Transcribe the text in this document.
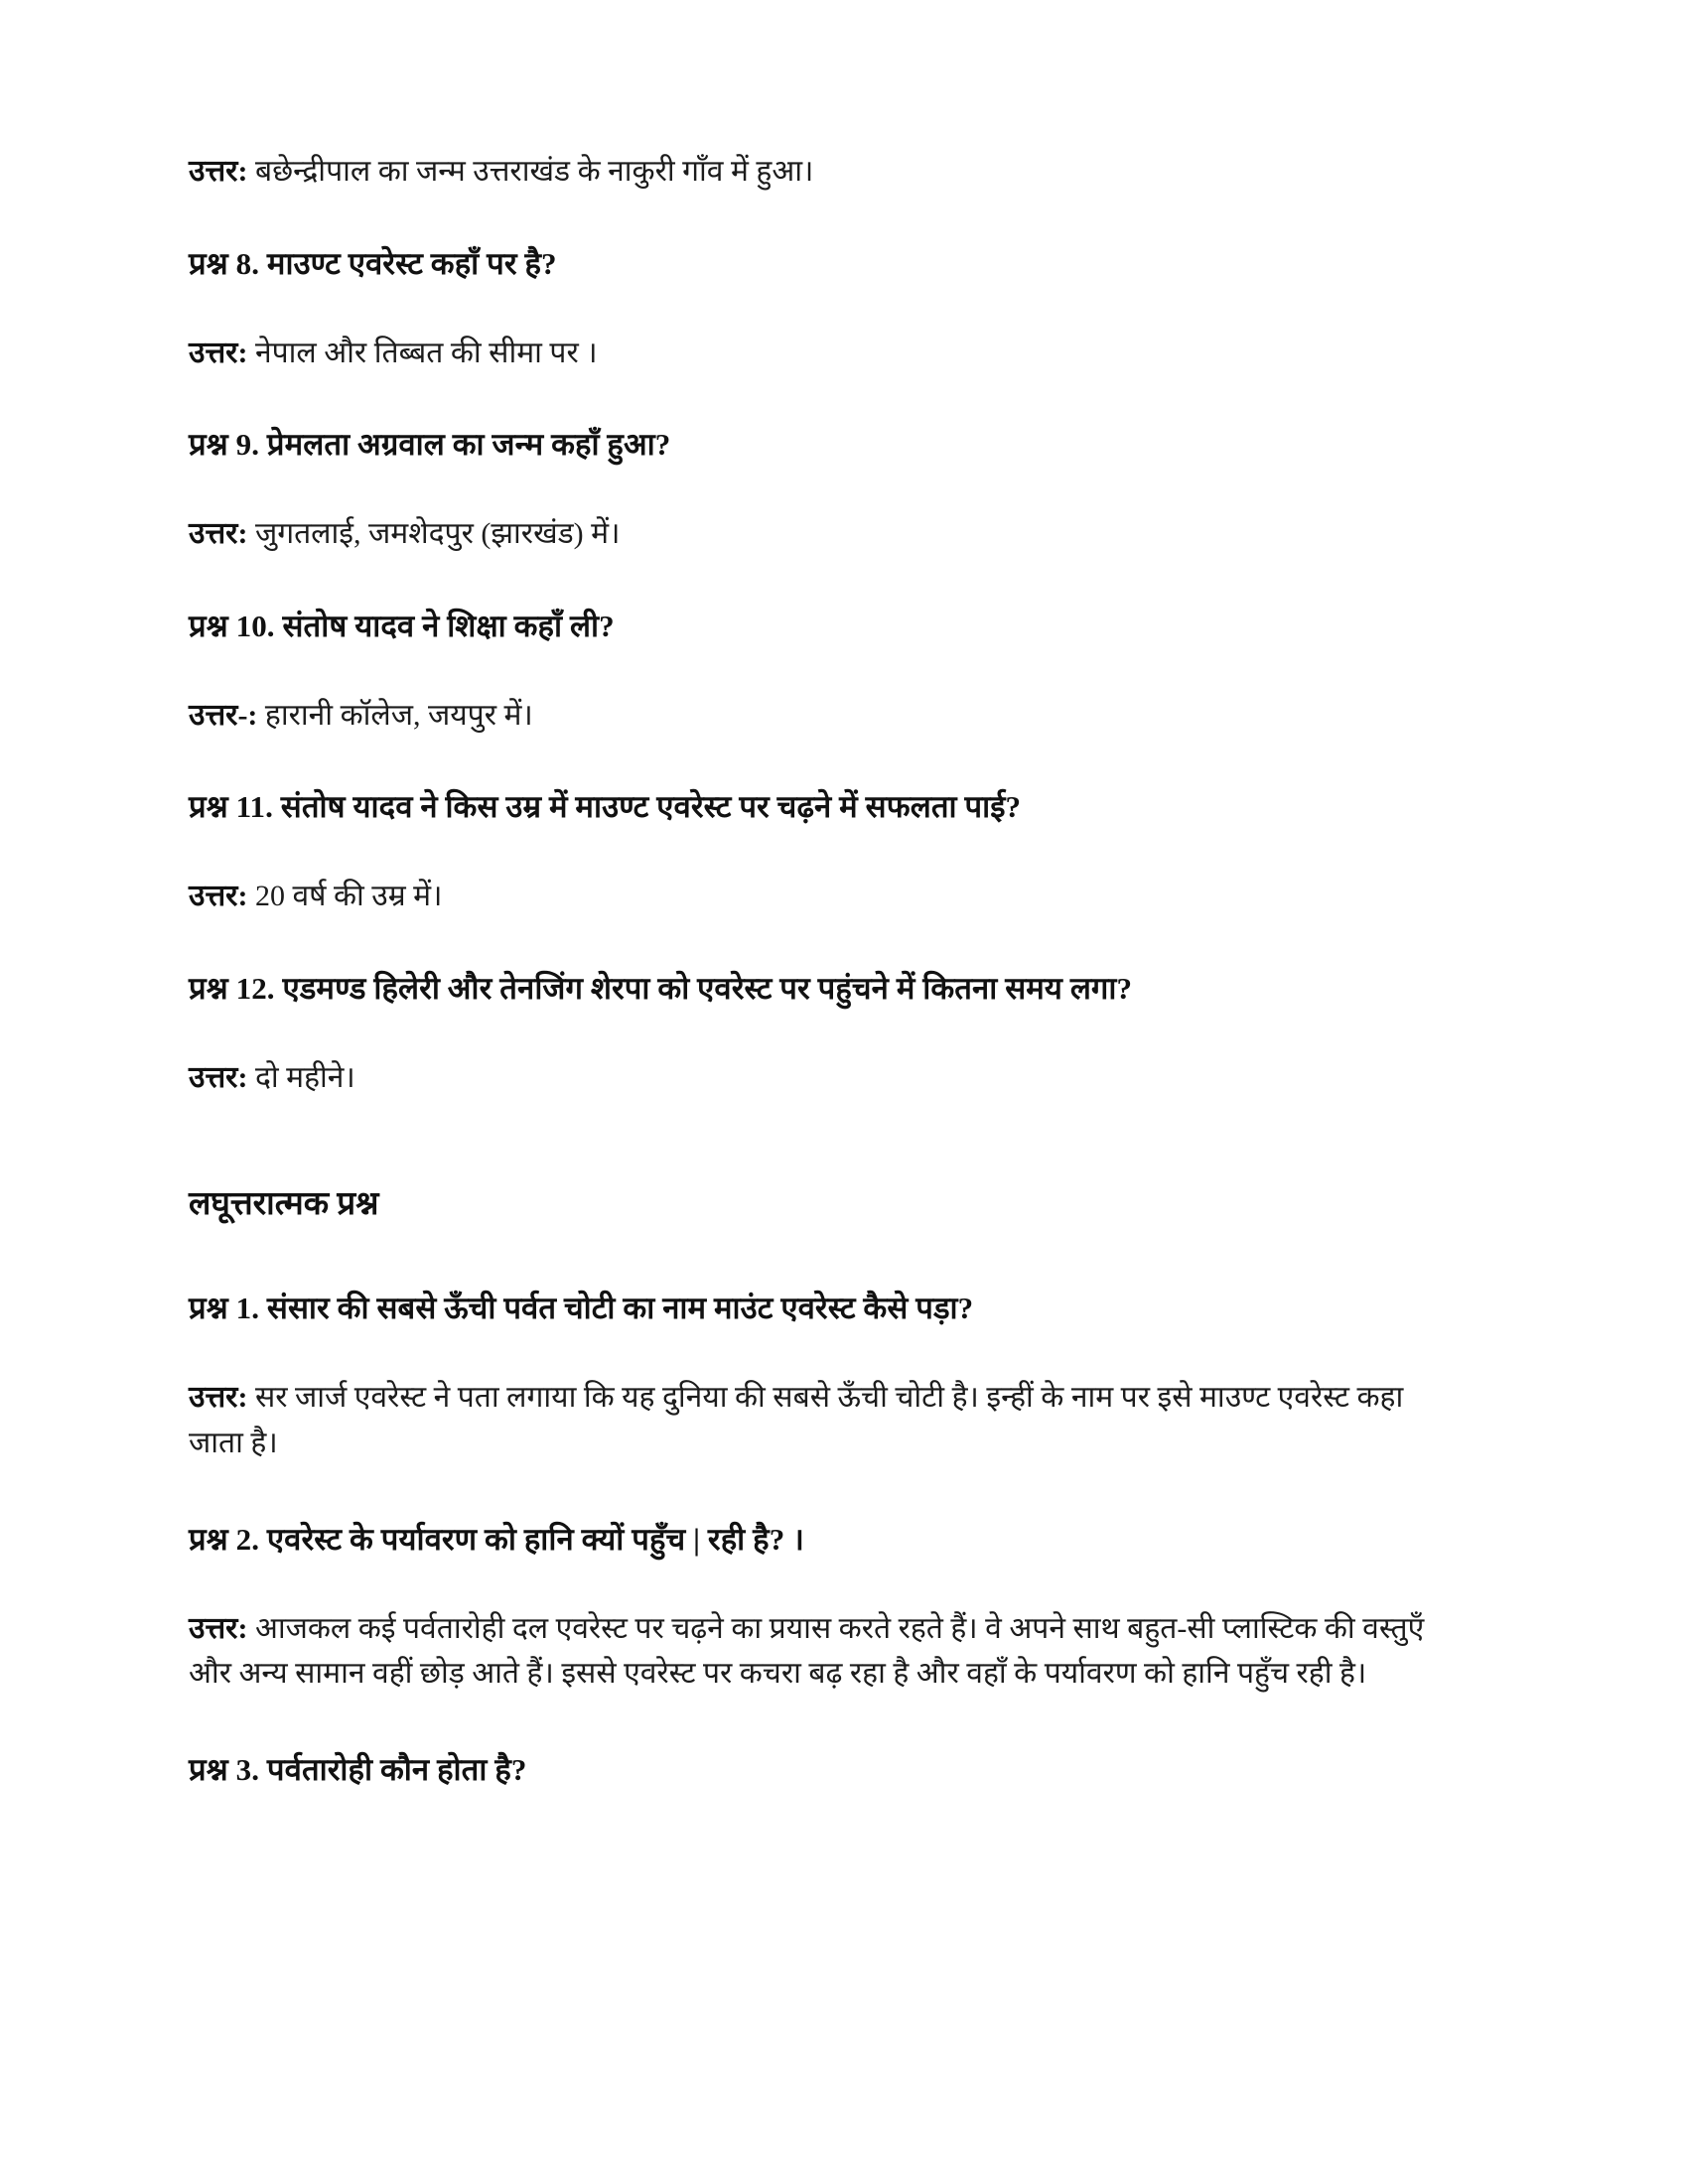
उत्तर: बछेन्द्रीपाल का जन्म उत्तराखंड के नाकुरी गाँव में हुआ।

प्रश्न 8. माउण्ट एवरेस्ट कहाँ पर है?

उत्तर: नेपाल और तिब्बत की सीमा पर ।

प्रश्न 9. प्रेमलता अग्रवाल का जन्म कहाँ हुआ?

उत्तर: जुगतलाई, जमशेदपुर (झारखंड) में।

प्रश्न 10. संतोष यादव ने शिक्षा कहाँ ली?

उत्तर-: हारानी कॉलेज, जयपुर में।

प्रश्न 11. संतोष यादव ने किस उम्र में माउण्ट एवरेस्ट पर चढ़ने में सफलता पाई?

उत्तर: 20 वर्ष की उम्र में।

प्रश्न 12. एडमण्ड हिलेरी और तेनजिंग शेरपा को एवरेस्ट पर पहुंचने में कितना समय लगा?

उत्तर: दो महीने।

लघूत्तरात्मक प्रश्न
प्रश्न 1. संसार की सबसे ऊँची पर्वत चोटी का नाम माउंट एवरेस्ट कैसे पड़ा?

उत्तर: सर जार्ज एवरेस्ट ने पता लगाया कि यह दुनिया की सबसे ऊँची चोटी है। इन्हीं के नाम पर इसे माउण्ट एवरेस्ट कहा जाता है।

प्रश्न 2. एवरेस्ट के पर्यावरण को हानि क्यों पहुँच | रही है? ।

उत्तर: आजकल कई पर्वतारोही दल एवरेस्ट पर चढ़ने का प्रयास करते रहते हैं। वे अपने साथ बहुत-सी प्लास्टिक की वस्तुएँ और अन्य सामान वहीं छोड़ आते हैं। इससे एवरेस्ट पर कचरा बढ़ रहा है और वहाँ के पर्यावरण को हानि पहुँच रही है।

प्रश्न 3. पर्वतारोही कौन होता है?
